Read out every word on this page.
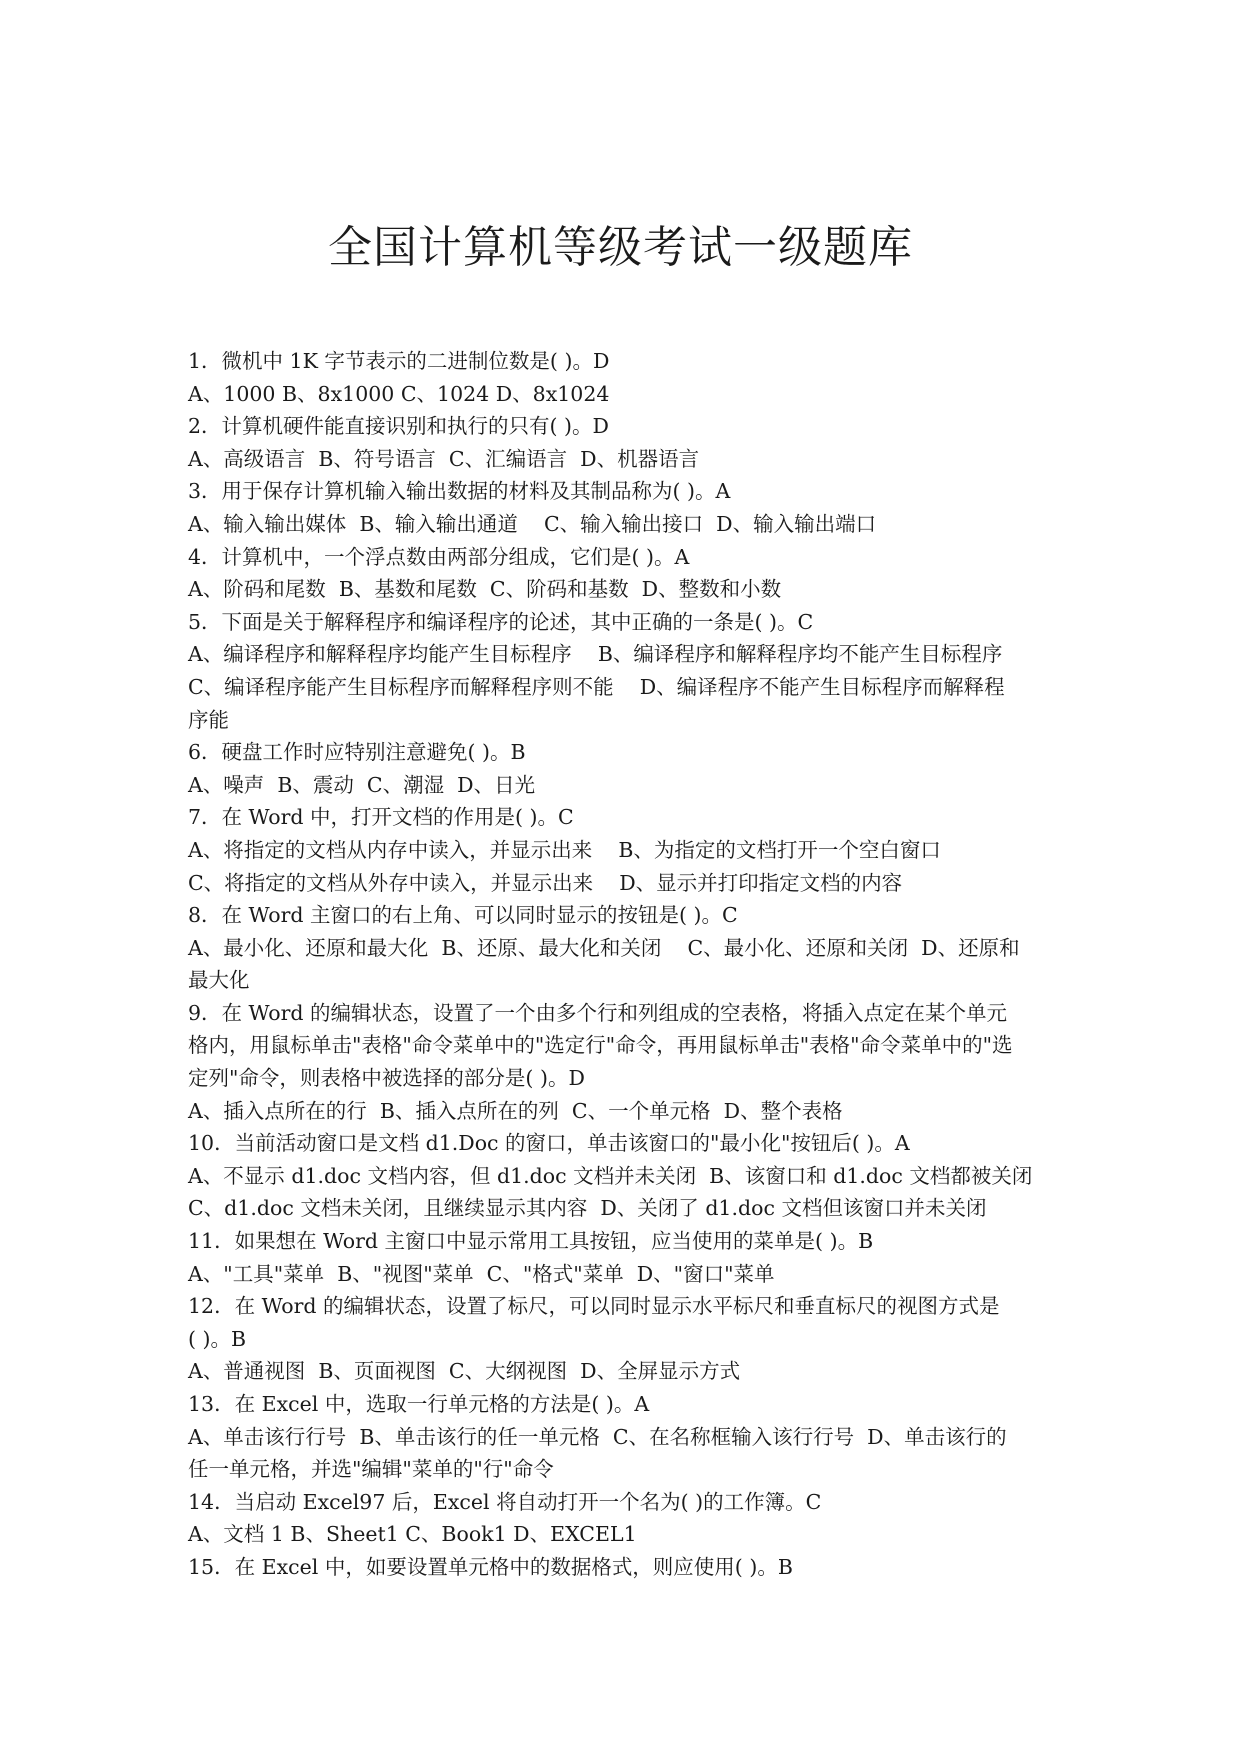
全国计算机等级考试一级题库

1．微机中 1K 字节表示的二进制位数是( )。D

A、1000 B、8x1000 C、1024 D、8x1024

2．计算机硬件能直接识别和执行的只有( )。D

A、高级语言  B、符号语言  C、汇编语言  D、机器语言

3．用于保存计算机输入输出数据的材料及其制品称为( )。A

A、输入输出媒体  B、输入输出通道    C、输入输出接口  D、输入输出端口

4．计算机中，一个浮点数由两部分组成，它们是( )。A

A、阶码和尾数  B、基数和尾数  C、阶码和基数  D、整数和小数

5．下面是关于解释程序和编译程序的论述，其中正确的一条是( )。C

A、编译程序和解释程序均能产生目标程序    B、编译程序和解释程序均不能产生目标程序

C、编译程序能产生目标程序而解释程序则不能    D、编译程序不能产生目标程序而解释程

序能

6．硬盘工作时应特别注意避免( )。B

A、噪声  B、震动  C、潮湿  D、日光

7．在 Word 中，打开文档的作用是( )。C

A、将指定的文档从内存中读入，并显示出来    B、为指定的文档打开一个空白窗口

C、将指定的文档从外存中读入，并显示出来    D、显示并打印指定文档的内容

8．在 Word 主窗口的右上角、可以同时显示的按钮是( )。C

A、最小化、还原和最大化  B、还原、最大化和关闭    C、最小化、还原和关闭  D、还原和

最大化

9．在 Word 的编辑状态，设置了一个由多个行和列组成的空表格，将插入点定在某个单元

格内，用鼠标单击"表格"命令菜单中的"选定行"命令，再用鼠标单击"表格"命令菜单中的"选

定列"命令，则表格中被选择的部分是( )。D

A、插入点所在的行  B、插入点所在的列  C、一个单元格  D、整个表格

10．当前活动窗口是文档 d1.Doc 的窗口，单击该窗口的"最小化"按钮后( )。A

A、不显示 d1.doc 文档内容，但 d1.doc 文档并未关闭  B、该窗口和 d1.doc 文档都被关闭

C、d1.doc 文档未关闭，且继续显示其内容  D、关闭了 d1.doc 文档但该窗口并未关闭

11．如果想在 Word 主窗口中显示常用工具按钮，应当使用的菜单是( )。B

A、"工具"菜单  B、"视图"菜单  C、"格式"菜单  D、"窗口"菜单

12．在 Word 的编辑状态，设置了标尺，可以同时显示水平标尺和垂直标尺的视图方式是

( )。B

A、普通视图  B、页面视图  C、大纲视图  D、全屏显示方式

13．在 Excel 中，选取一行单元格的方法是( )。A

A、单击该行行号  B、单击该行的任一单元格  C、在名称框输入该行行号  D、单击该行的

任一单元格，并选"编辑"菜单的"行"命令

14．当启动 Excel97 后，Excel 将自动打开一个名为( )的工作簿。C

A、文档 1 B、Sheet1 C、Book1 D、EXCEL1

15．在 Excel 中，如要设置单元格中的数据格式，则应使用( )。B
